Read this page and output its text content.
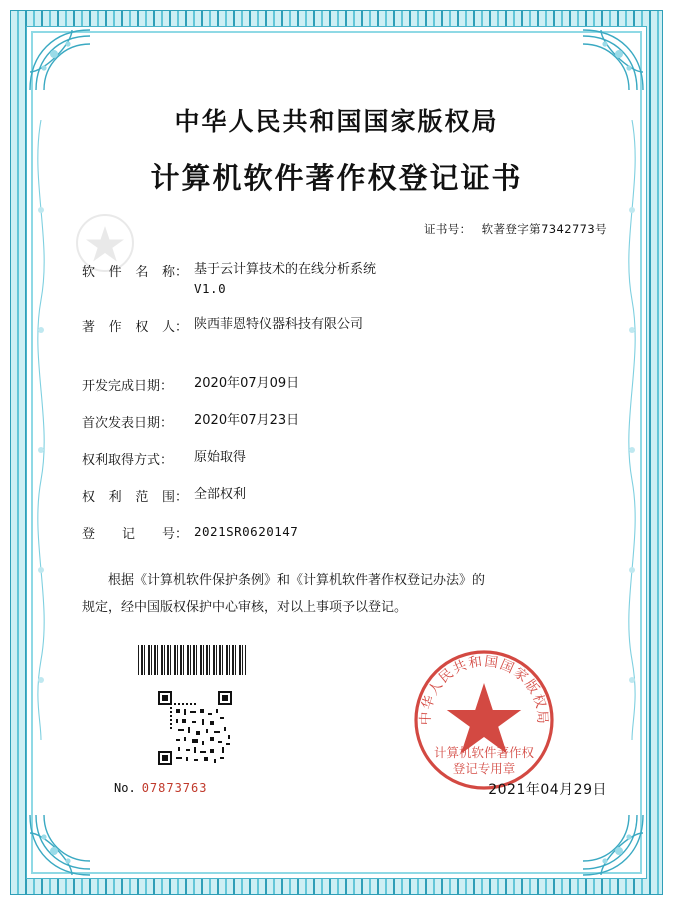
中华人民共和国国家版权局
计算机软件著作权登记证书
证书号： 软著登字第7342773号
软 件 名 称： 基于云计算技术的在线分析系统
V1.0
著 作 权 人： 陕西菲恩特仪器科技有限公司
开发完成日期：	2020年07月09日
首次发表日期：	2020年07月23日
权利取得方式：	原始取得
权 利 范 围： 全部权利
登 记 号： 2021SR0620147
根据《计算机软件保护条例》和《计算机软件著作权登记办法》的
规定，经中国版权保护中心审核，对以上事项予以登记。
中华人民共和国国家版权局
计算机软件著作权
登记专用章
No. 07873763	2021年04月29日
